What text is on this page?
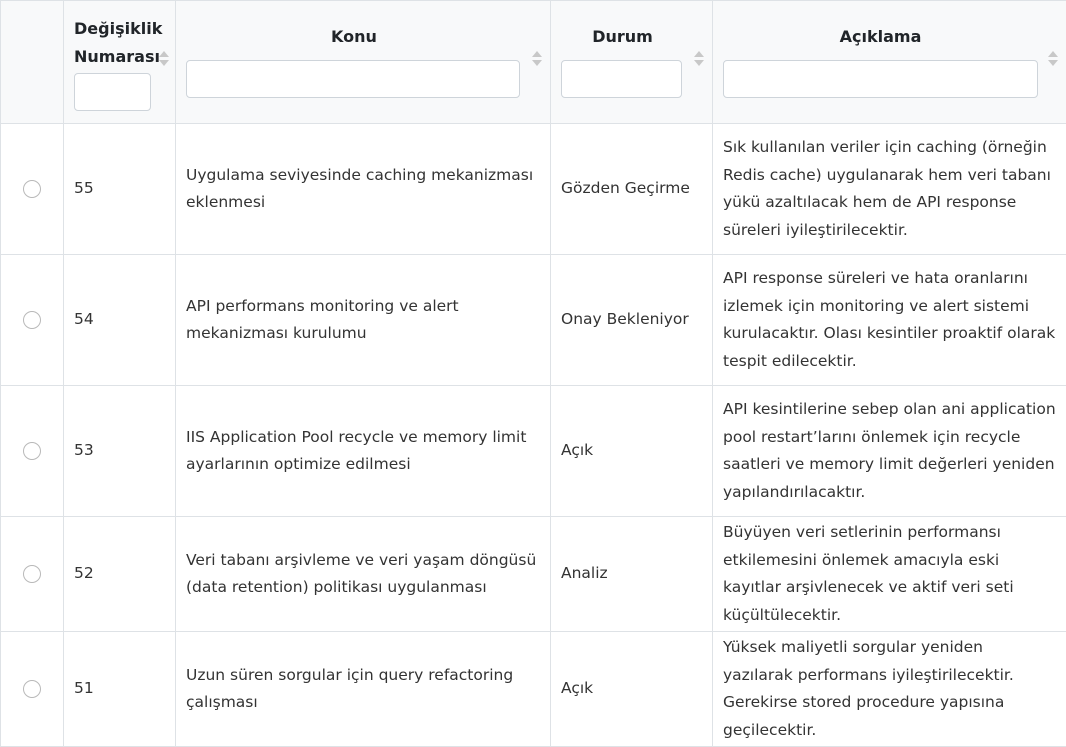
	Değişiklik Numarası	Konu	Durum	Açıklama

	55	Uygulama seviyesinde caching mekanizması eklenmesi	Gözden Geçirme	Sık kullanılan veriler için caching (örneğin Redis cache) uygulanarak hem veri tabanı yükü azaltılacak hem de API response süreleri iyileştirilecektir.
	54	API performans monitoring ve alert mekanizması kurulumu	Onay Bekleniyor	API response süreleri ve hata oranlarını izlemek için monitoring ve alert sistemi kurulacaktır. Olası kesintiler proaktif olarak tespit edilecektir.
	53	IIS Application Pool recycle ve memory limit ayarlarının optimize edilmesi	Açık	API kesintilerine sebep olan ani application pool restart’larını önlemek için recycle saatleri ve memory limit değerleri yeniden yapılandırılacaktır.
	52	Veri tabanı arşivleme ve veri yaşam döngüsü (data retention) politikası uygulanması	Analiz	Büyüyen veri setlerinin performansı etkilemesini önlemek amacıyla eski kayıtlar arşivlenecek ve aktif veri seti küçültülecektir.
	51	Uzun süren sorgular için query refactoring çalışması	Açık	Yüksek maliyetli sorgular yeniden yazılarak performans iyileştirilecektir. Gerekirse stored procedure yapısına geçilecektir.
